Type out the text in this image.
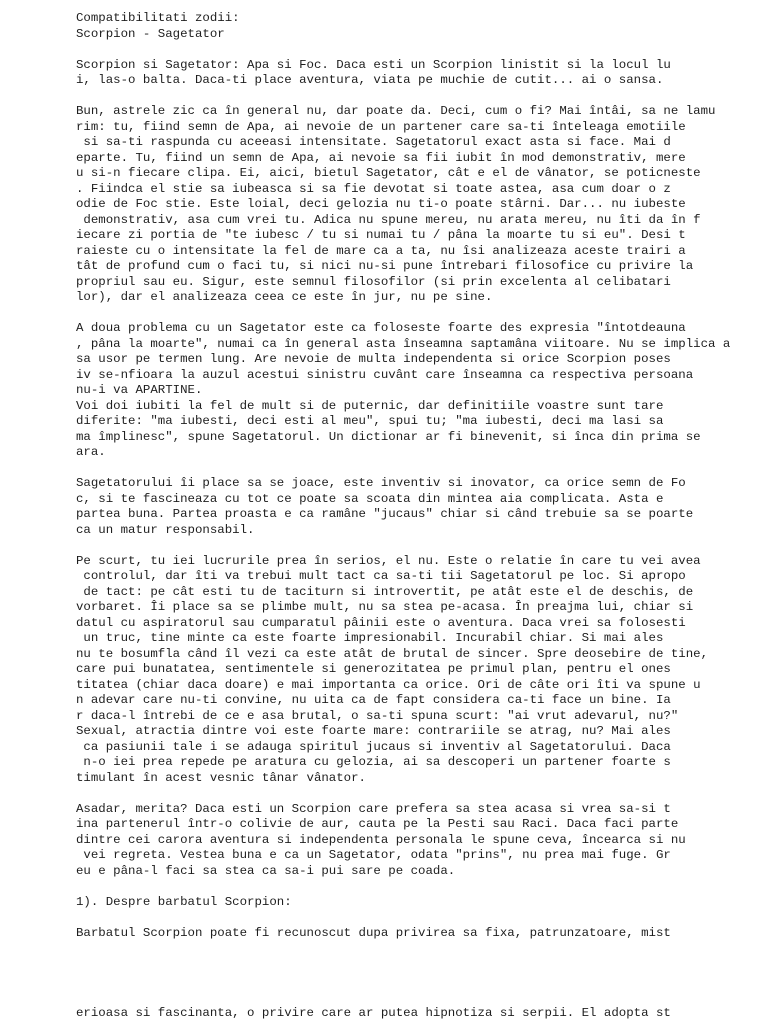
Compatibilitati zodii:
Scorpion - Sagetator

Scorpion si Sagetator: Apa si Foc. Daca esti un Scorpion linistit si la locul lu
i, las-o balta. Daca-ti place aventura, viata pe muchie de cutit... ai o sansa.

Bun, astrele zic ca în general nu, dar poate da. Deci, cum o fi? Mai întâi, sa ne lamu
rim: tu, fiind semn de Apa, ai nevoie de un partener care sa-ti înteleaga emotiile
si sa-ti raspunda cu aceeasi intensitate. Sagetatorul exact asta si face. Mai d
eparte. Tu, fiind un semn de Apa, ai nevoie sa fii iubit în mod demonstrativ, mere
u si-n fiecare clipa. Ei, aici, bietul Sagetator, cât e el de vânator, se poticneste
. Fiindca el stie sa iubeasca si sa fie devotat si toate astea, asa cum doar o z
odie de Foc stie. Este loial, deci gelozia nu ti-o poate stârni. Dar... nu iubeste
demonstrativ, asa cum vrei tu. Adica nu spune mereu, nu arata mereu, nu îti da în f
iecare zi portia de "te iubesc / tu si numai tu / pâna la moarte tu si eu". Desi t
raieste cu o intensitate la fel de mare ca a ta, nu îsi analizeaza aceste trairi a
tât de profund cum o faci tu, si nici nu-si pune întrebari filosofice cu privire la
propriul sau eu. Sigur, este semnul filosofilor (si prin excelenta al celibatari
lor), dar el analizeaza ceea ce este în jur, nu pe sine.

A doua problema cu un Sagetator este ca foloseste foarte des expresia "întotdeauna
, pâna la moarte", numai ca în general asta înseamna saptamâna viitoare. Nu se implica a
sa usor pe termen lung. Are nevoie de multa independenta si orice Scorpion poses
iv se-nfioara la auzul acestui sinistru cuvânt care înseamna ca respectiva persoana
nu-i va APARTINE.
Voi doi iubiti la fel de mult si de puternic, dar definitiile voastre sunt tare
diferite: "ma iubesti, deci esti al meu", spui tu; "ma iubesti, deci ma lasi sa
ma împlinesc", spune Sagetatorul. Un dictionar ar fi binevenit, si înca din prima se
ara.

Sagetatorului îi place sa se joace, este inventiv si inovator, ca orice semn de Fo
c, si te fascineaza cu tot ce poate sa scoata din mintea aia complicata. Asta e
partea buna. Partea proasta e ca ramâne "jucaus" chiar si când trebuie sa se poarte
ca un matur responsabil.

Pe scurt, tu iei lucrurile prea în serios, el nu. Este o relatie în care tu vei avea
controlul, dar îti va trebui mult tact ca sa-ti tii Sagetatorul pe loc. Si apropo
de tact: pe cât esti tu de taciturn si introvertit, pe atât este el de deschis, de
vorbaret. Îi place sa se plimbe mult, nu sa stea pe-acasa. În preajma lui, chiar si
datul cu aspiratorul sau cumparatul pâinii este o aventura. Daca vrei sa folosesti
un truc, tine minte ca este foarte impresionabil. Incurabil chiar. Si mai ales
nu te bosumfla când îl vezi ca este atât de brutal de sincer. Spre deosebire de tine,
care pui bunatatea, sentimentele si generozitatea pe primul plan, pentru el ones
titatea (chiar daca doare) e mai importanta ca orice. Ori de câte ori îti va spune u
n adevar care nu-ti convine, nu uita ca de fapt considera ca-ti face un bine. Ia
r daca-l întrebi de ce e asa brutal, o sa-ti spuna scurt: "ai vrut adevarul, nu?"
Sexual, atractia dintre voi este foarte mare: contrariile se atrag, nu? Mai ales
ca pasiunii tale i se adauga spiritul jucaus si inventiv al Sagetatorului. Daca
n-o iei prea repede pe aratura cu gelozia, ai sa descoperi un partener foarte s
timulant în acest vesnic tânar vânator.

Asadar, merita? Daca esti un Scorpion care prefera sa stea acasa si vrea sa-si t
ina partenerul într-o colivie de aur, cauta pe la Pesti sau Raci. Daca faci parte
dintre cei carora aventura si independenta personala le spune ceva, încearca si nu
vei regreta. Vestea buna e ca un Sagetator, odata "prins", nu prea mai fuge. Gr
eu e pâna-l faci sa stea ca sa-i pui sare pe coada.

1). Despre barbatul Scorpion:

Barbatul Scorpion poate fi recunoscut dupa privirea sa fixa, patrunzatoare, mist
erioasa si fascinanta, o privire care ar putea hipnotiza si serpii. El adopta st
